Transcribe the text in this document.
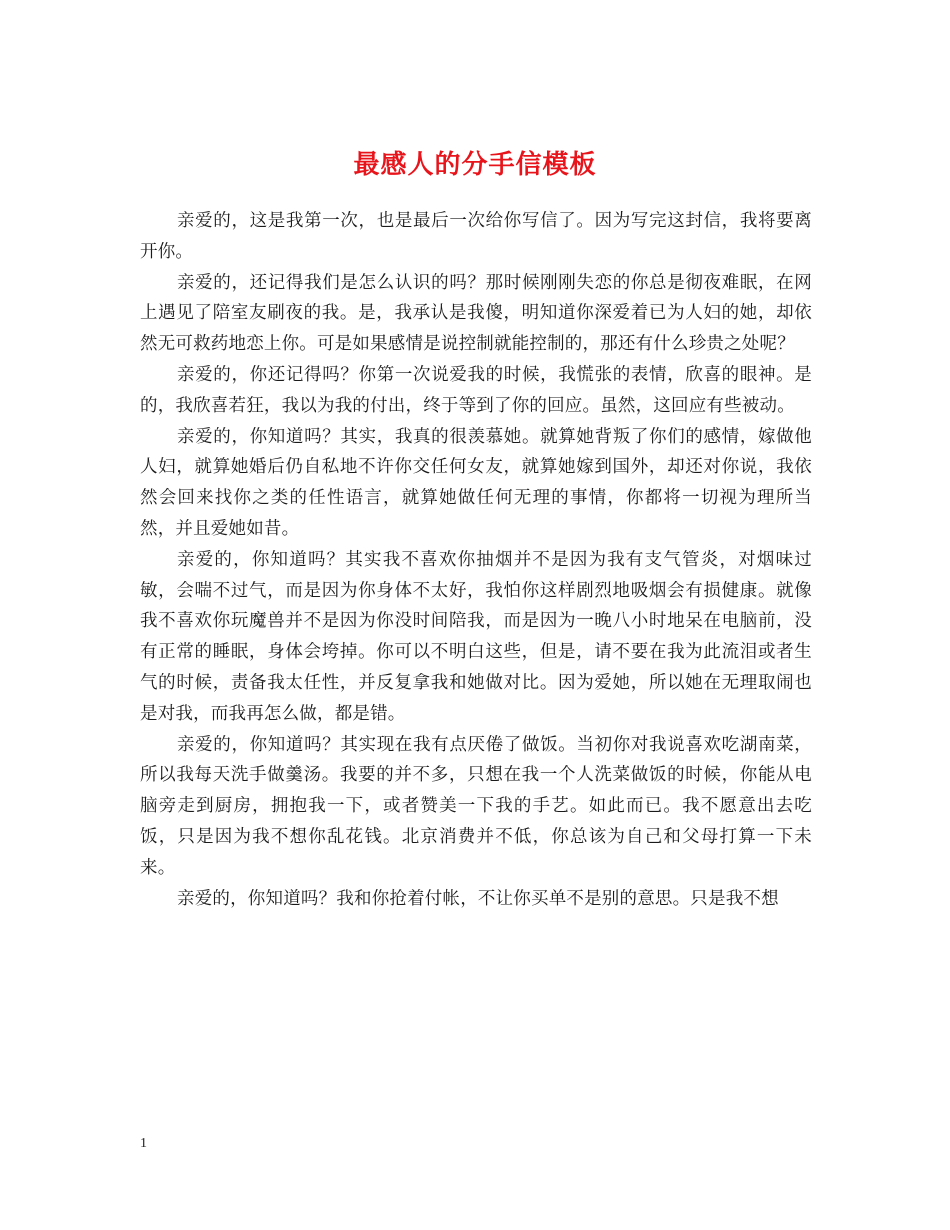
最感人的分手信模板

亲爱的，这是我第一次，也是最后一次给你写信了。因为写完这封信，我将要离开你。

亲爱的，还记得我们是怎么认识的吗？那时候刚刚失恋的你总是彻夜难眠，在网上遇见了陪室友刷夜的我。是，我承认是我傻，明知道你深爱着已为人妇的她，却依然无可救药地恋上你。可是如果感情是说控制就能控制的，那还有什么珍贵之处呢？

亲爱的，你还记得吗？你第一次说爱我的时候，我慌张的表情，欣喜的眼神。是的，我欣喜若狂，我以为我的付出，终于等到了你的回应。虽然，这回应有些被动。

亲爱的，你知道吗？其实，我真的很羡慕她。就算她背叛了你们的感情，嫁做他人妇，就算她婚后仍自私地不许你交任何女友，就算她嫁到国外，却还对你说，我依然会回来找你之类的任性语言，就算她做任何无理的事情，你都将一切视为理所当然，并且爱她如昔。

亲爱的，你知道吗？其实我不喜欢你抽烟并不是因为我有支气管炎，对烟味过敏，会喘不过气，而是因为你身体不太好，我怕你这样剧烈地吸烟会有损健康。就像我不喜欢你玩魔兽并不是因为你没时间陪我，而是因为一晚八小时地呆在电脑前，没有正常的睡眠，身体会垮掉。你可以不明白这些，但是，请不要在我为此流泪或者生气的时候，责备我太任性，并反复拿我和她做对比。因为爱她，所以她在无理取闹也是对我，而我再怎么做，都是错。

亲爱的，你知道吗？其实现在我有点厌倦了做饭。当初你对我说喜欢吃湖南菜，所以我每天洗手做羹汤。我要的并不多，只想在我一个人洗菜做饭的时候，你能从电脑旁走到厨房，拥抱我一下，或者赞美一下我的手艺。如此而已。我不愿意出去吃饭，只是因为我不想你乱花钱。北京消费并不低，你总该为自己和父母打算一下未来。

亲爱的，你知道吗？我和你抢着付帐，不让你买单不是别的意思。只是我不想

1
